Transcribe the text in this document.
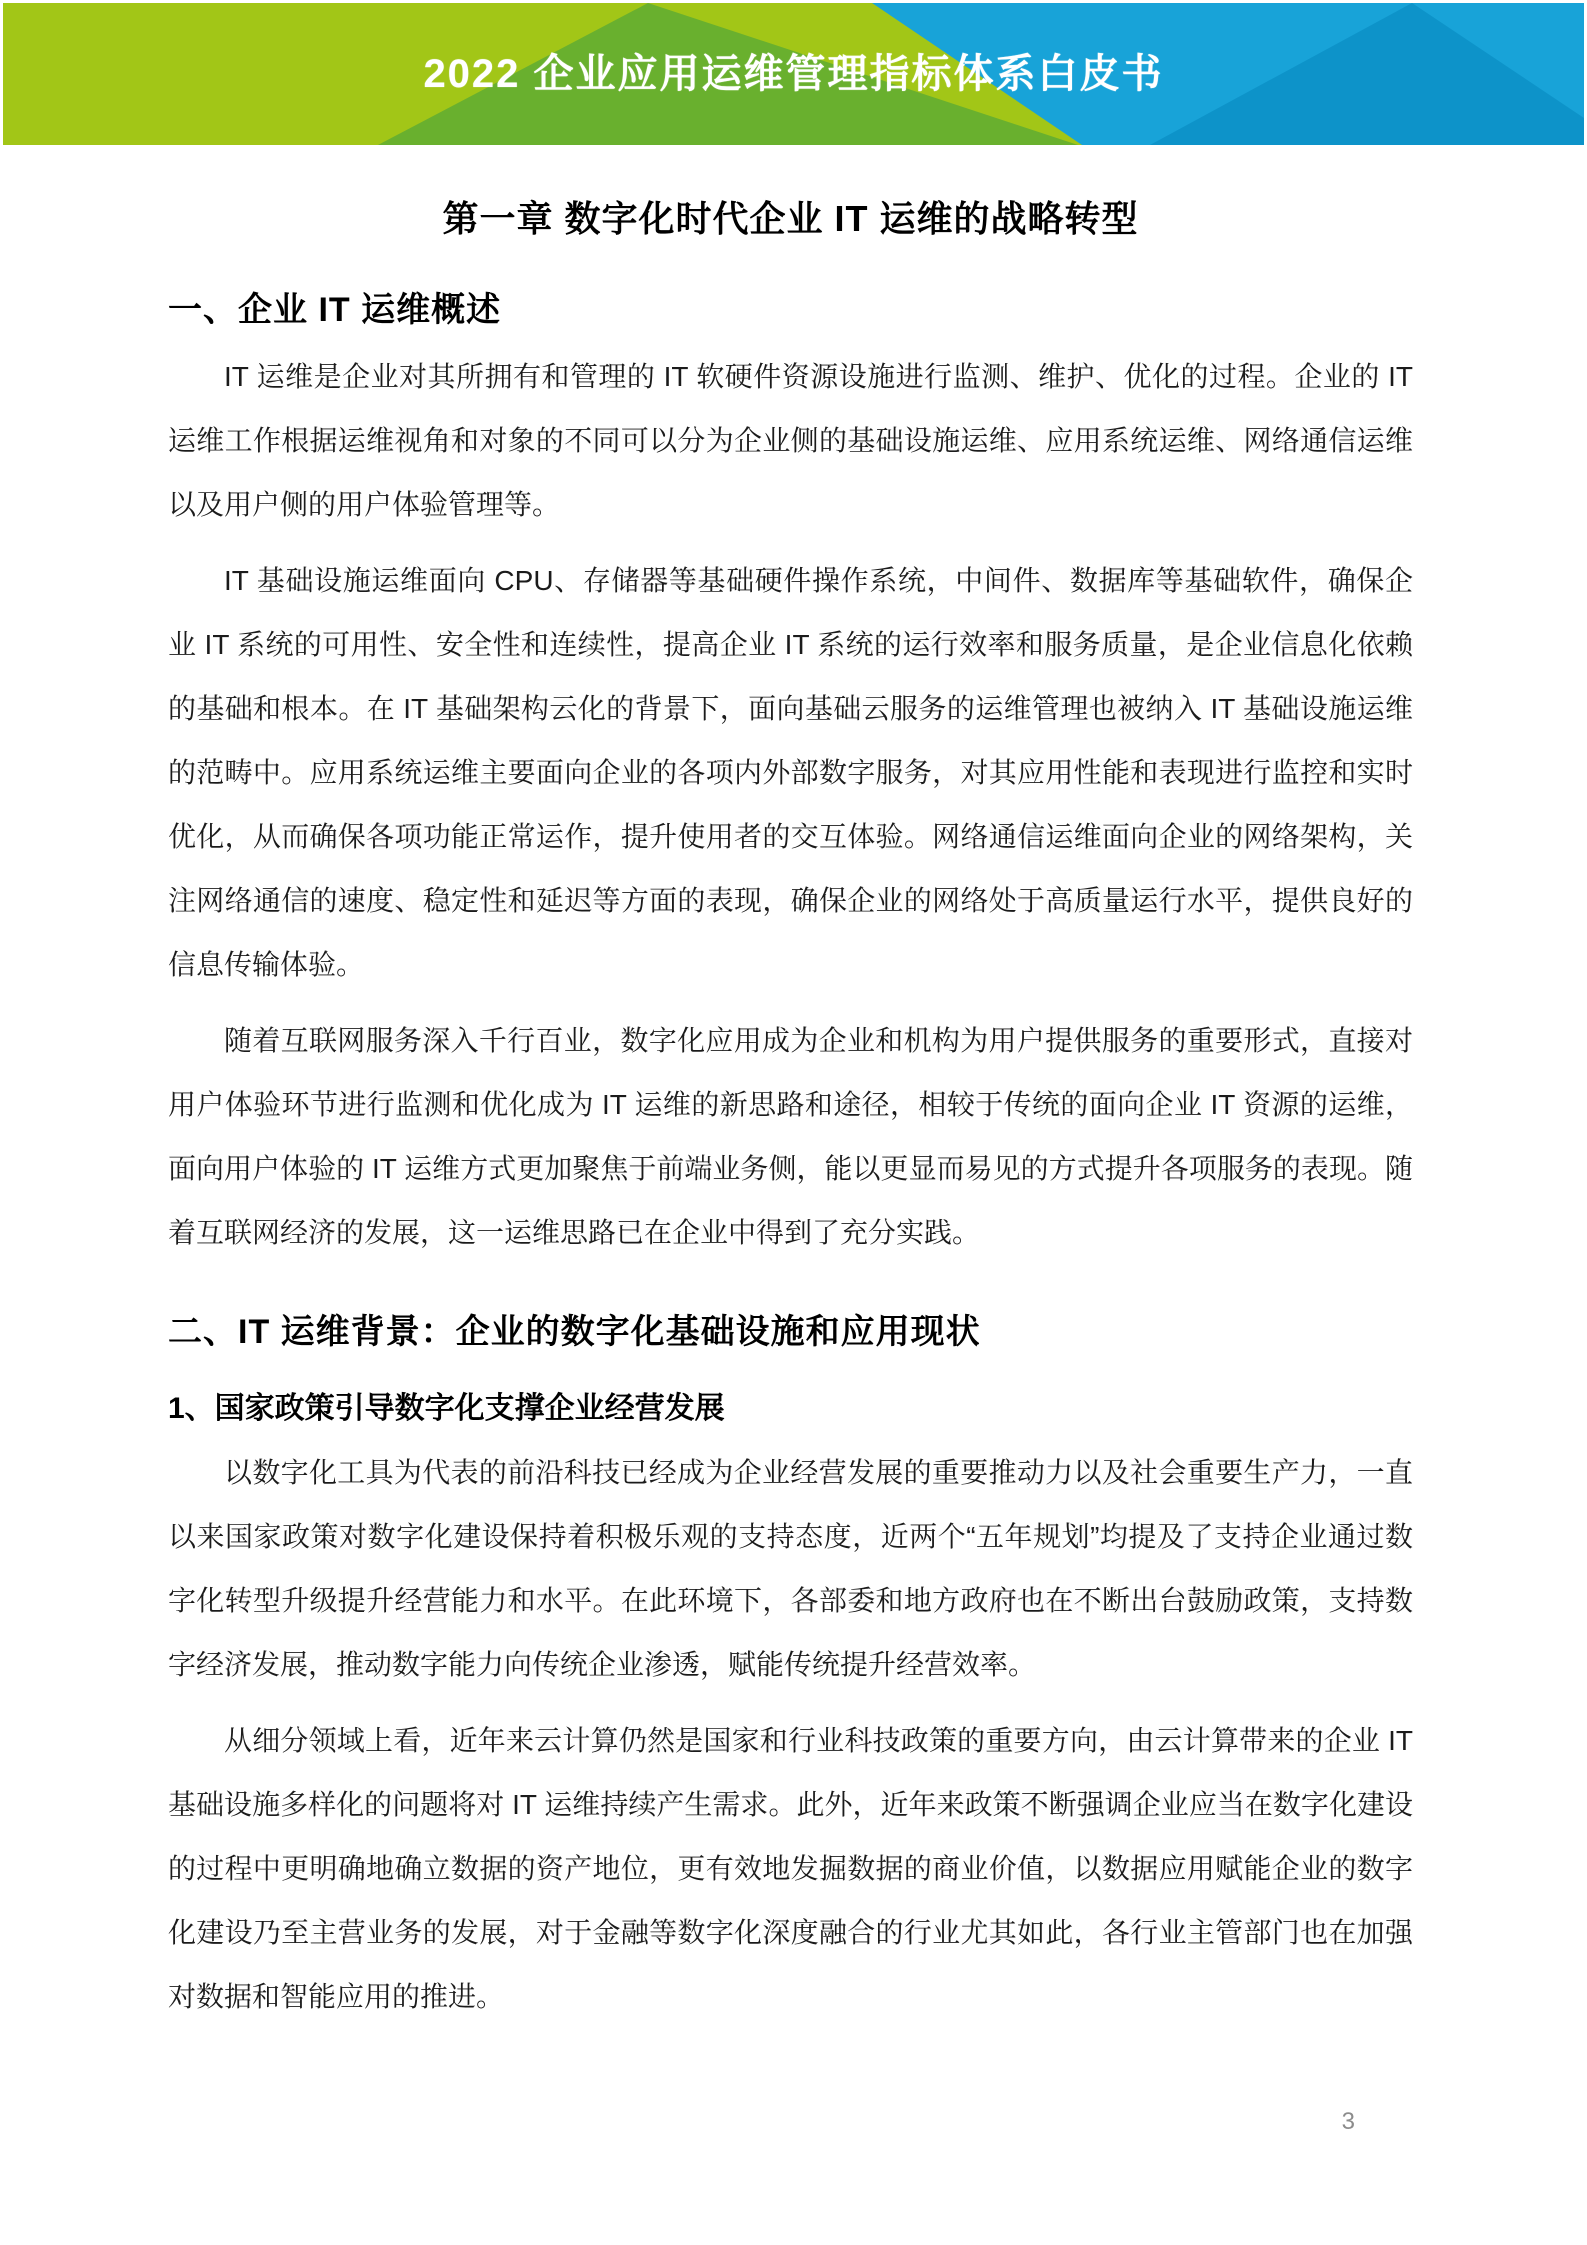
2022 企业应用运维管理指标体系白皮书
第一章 数字化时代企业 IT 运维的战略转型
一、企业 IT 运维概述

IT 运维是企业对其所拥有和管理的 IT 软硬件资源设施进行监测、维护、优化的过程。企业的 IT 运维工作根据运维视角和对象的不同可以分为企业侧的基础设施运维、应用系统运维、网络通信运维以及用户侧的用户体验管理等。

IT 基础设施运维面向 CPU、存储器等基础硬件操作系统，中间件、数据库等基础软件，确保企业 IT 系统的可用性、安全性和连续性，提高企业 IT 系统的运行效率和服务质量，是企业信息化依赖的基础和根本。在 IT 基础架构云化的背景下，面向基础云服务的运维管理也被纳入 IT 基础设施运维的范畴中。应用系统运维主要面向企业的各项内外部数字服务，对其应用性能和表现进行监控和实时优化，从而确保各项功能正常运作，提升使用者的交互体验。网络通信运维面向企业的网络架构，关注网络通信的速度、稳定性和延迟等方面的表现，确保企业的网络处于高质量运行水平，提供良好的信息传输体验。

随着互联网服务深入千行百业，数字化应用成为企业和机构为用户提供服务的重要形式，直接对用户体验环节进行监测和优化成为 IT 运维的新思路和途径，相较于传统的面向企业 IT 资源的运维，面向用户体验的 IT 运维方式更加聚焦于前端业务侧，能以更显而易见的方式提升各项服务的表现。随着互联网经济的发展，这一运维思路已在企业中得到了充分实践。

二、IT 运维背景：企业的数字化基础设施和应用现状
1、国家政策引导数字化支撑企业经营发展

以数字化工具为代表的前沿科技已经成为企业经营发展的重要推动力以及社会重要生产力，一直以来国家政策对数字化建设保持着积极乐观的支持态度，近两个“五年规划”均提及了支持企业通过数字化转型升级提升经营能力和水平。在此环境下，各部委和地方政府也在不断出台鼓励政策，支持数字经济发展，推动数字能力向传统企业渗透，赋能传统提升经营效率。

从细分领域上看，近年来云计算仍然是国家和行业科技政策的重要方向，由云计算带来的企业 IT 基础设施多样化的问题将对 IT 运维持续产生需求。此外，近年来政策不断强调企业应当在数字化建设的过程中更明确地确立数据的资产地位，更有效地发掘数据的商业价值，以数据应用赋能企业的数字化建设乃至主营业务的发展，对于金融等数字化深度融合的行业尤其如此，各行业主管部门也在加强对数据和智能应用的推进。

3
